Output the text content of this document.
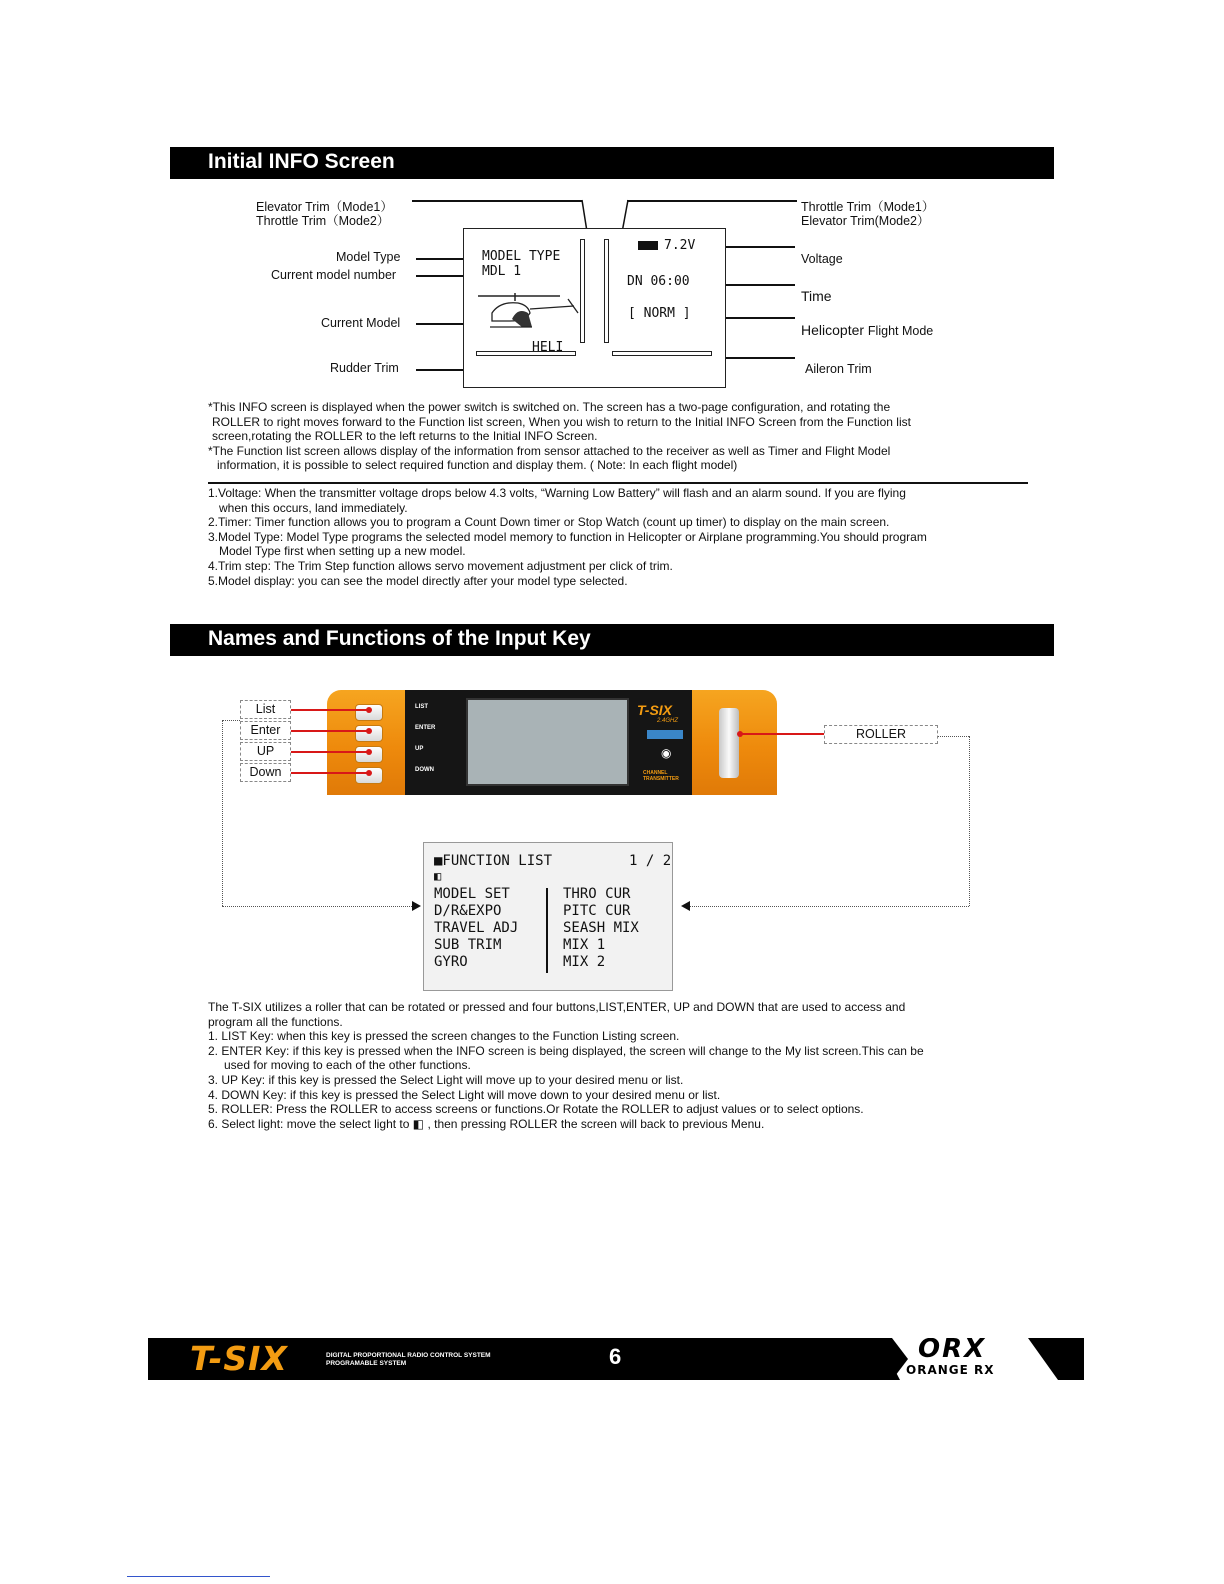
Initial INFO Screen
Elevator Trim（Mode1）
Throttle Trim（Mode2）
Model Type
Current model number
Current Model
Rudder Trim
Throttle Trim（Mode1）
Elevator Trim(Mode2）
Voltage
Time
Helicopter Flight Mode
Aileron Trim
MODEL TYPE
MDL 1
7.2V
DN 06:00
[ NORM ]
HELI

*This INFO screen is displayed when the power switch is switched on. The screen has a two-page configuration, and rotating the

ROLLER to right moves forward to the Function list screen, When you wish to return to the Initial INFO Screen from the Function list

screen,rotating the ROLLER to the left returns to the Initial INFO Screen.

*The Function list screen allows display of the information from sensor attached to the receiver as well as Timer and Flight Model

information, it is possible to select required function and display them. ( Note: In each flight model)

1.Voltage: When the transmitter voltage drops below 4.3 volts, “Warning Low Battery” will flash and an alarm sound. If you are flying

when this occurs, land immediately.

2.Timer: Timer function allows you to program a Count Down timer or Stop Watch (count up timer) to display on the main screen.

3.Model Type: Model Type programs the selected model memory to function in Helicopter or Airplane programming.You should program

Model Type first when setting up a new model.

4.Trim step: The Trim Step function allows servo movement adjustment per click of trim.

5.Model display: you can see the model directly after your model type selected.

Names and Functions of the Input Key
List
Enter
UP
Down
ROLLER
LIST
ENTER
UP
DOWN
T-SIX
2.4GHZ
◉
CHANNEL TRANSMITTER
■FUNCTION LIST	1 / 2
◧
MODEL SET
D/R&EXPO
TRAVEL ADJ
SUB TRIM
GYRO
THRO CUR
PITC CUR
SEASH MIX
MIX 1
MIX 2

The T-SIX utilizes a roller that can be rotated or pressed and four buttons,LIST,ENTER, UP and DOWN that are used to access and

program all the functions.

1. LIST Key: when this key is pressed the screen changes to the Function Listing screen.

2. ENTER Key: if this key is pressed when the INFO screen is being displayed, the screen will change to the My list screen.This can be

used for moving to each of the other functions.

3. UP Key: if this key is pressed the Select Light will move up to your desired menu or list.

4. DOWN Key: if this key is pressed the Select Light will move down to your desired menu or list.

5. ROLLER: Press the ROLLER to access screens or functions.Or Rotate the ROLLER to adjust values or to select options.

6. Select light: move the select light to ◧ , then pressing ROLLER the screen will back to previous Menu.

T-SIX	DIGITAL PROPORTIONAL RADIO CONTROL SYSTEM
PROGRAMABLE SYSTEM	6	ORX
ORANGE RX
